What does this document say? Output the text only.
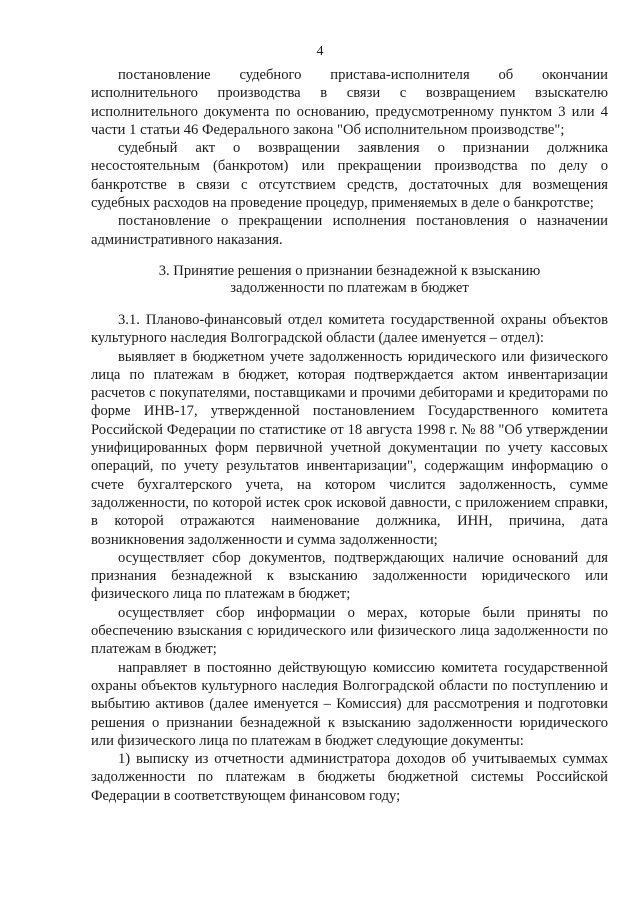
4

постановление судебного пристава-исполнителя об окончании исполнительного производства в связи с возвращением взыскателю исполнительного документа по основанию, предусмотренному пунктом 3 или 4 части 1 статьи 46 Федерального закона "Об исполнительном производстве";

судебный акт о возвращении заявления о признании должника несостоятельным (банкротом) или прекращении производства по делу о банкротстве в связи с отсутствием средств, достаточных для возмещения судебных расходов на проведение процедур, применяемых в деле о банкротстве;

постановление о прекращении исполнения постановления о назначении административного наказания.

3. Принятие решения о признании безнадежной к взысканию
задолженности по платежам в бюджет

3.1. Планово-финансовый отдел комитета государственной охраны объектов культурного наследия Волгоградской области (далее именуется – отдел):

выявляет в бюджетном учете задолженность юридического или физического лица по платежам в бюджет, которая подтверждается актом инвентаризации расчетов с покупателями, поставщиками и прочими дебиторами и кредиторами по форме ИНВ-17, утвержденной постановлением Государственного комитета Российской Федерации по статистике от 18 августа 1998 г. № 88 "Об утверждении унифицированных форм первичной учетной документации по учету кассовых операций, по учету результатов инвентаризации", содержащим информацию о счете бухгалтерского учета, на котором числится задолженность, сумме задолженности, по которой истек срок исковой давности, с приложением справки, в которой отражаются наименование должника, ИНН, причина, дата возникновения задолженности и сумма задолженности;

осуществляет сбор документов, подтверждающих наличие оснований для признания безнадежной к взысканию задолженности юридического или физического лица по платежам в бюджет;

осуществляет сбор информации о мерах, которые были приняты по обеспечению взыскания с юридического или физического лица задолженности по платежам в бюджет;

направляет в постоянно действующую комиссию комитета государственной охраны объектов культурного наследия Волгоградской области по поступлению и выбытию активов (далее именуется – Комиссия) для рассмотрения и подготовки решения о признании безнадежной к взысканию задолженности юридического или физического лица по платежам в бюджет следующие документы:

1) выписку из отчетности администратора доходов об учитываемых суммах задолженности по платежам в бюджеты бюджетной системы Российской Федерации в соответствующем финансовом году;
